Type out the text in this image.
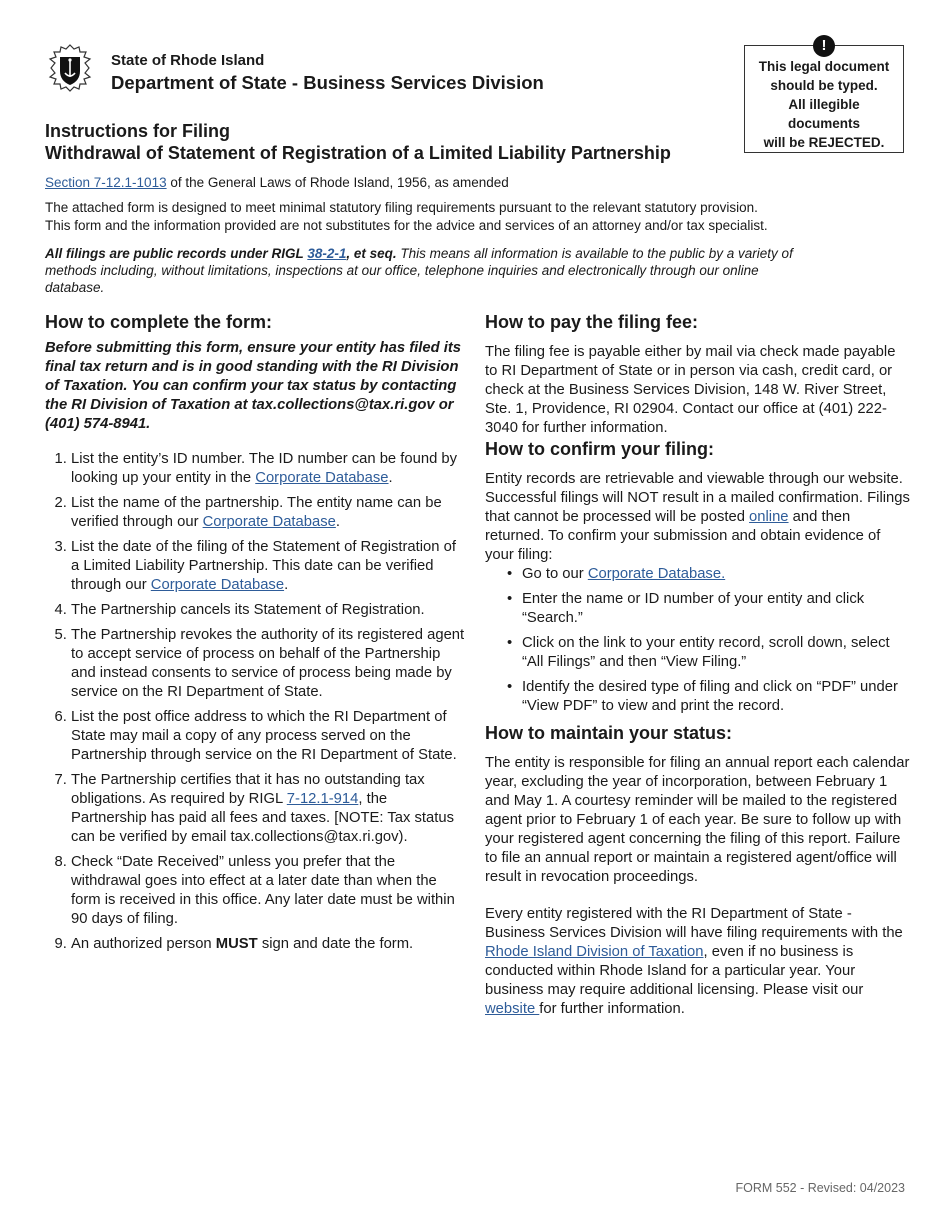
State of Rhode Island
Department of State - Business Services Division
!
This legal document
should be typed.
All illegible
documents
will be REJECTED.
Instructions for Filing
Withdrawal of Statement of Registration of a Limited Liability Partnership
Section 7-12.1-1013 of the General Laws of Rhode Island, 1956, as amended
The attached form is designed to meet minimal statutory filing requirements pursuant to the relevant statutory provision.
This form and the information provided are not substitutes for the advice and services of an attorney and/or tax specialist.
All filings are public records under RIGL 38-2-1, et seq. This means all information is available to the public by a variety of methods including, without limitations, inspections at our office, telephone inquiries and electronically through our online database.
How to complete the form:
Before submitting this form, ensure your entity has filed its final tax return and is in good standing with the RI Division of Taxation. You can confirm your tax status by contacting the RI Division of Taxation at tax.collections@tax.ri.gov or (401) 574-8941.
1. List the entity’s ID number. The ID number can be found by looking up your entity in the Corporate Database.
2. List the name of the partnership. The entity name can be verified through our Corporate Database.
3. List the date of the filing of the Statement of Registration of a Limited Liability Partnership. This date can be verified through our Corporate Database.
4. The Partnership cancels its Statement of Registration.
5. The Partnership revokes the authority of its registered agent to accept service of process on behalf of the Partnership and instead consents to service of process being made by service on the RI Department of State.
6. List the post office address to which the RI Department of State may mail a copy of any process served on the Partnership through service on the RI Department of State.
7. The Partnership certifies that it has no outstanding tax obligations. As required by RIGL 7-12.1-914, the Partnership has paid all fees and taxes. [NOTE: Tax status can be verified by email tax.collections@tax.ri.gov).
8. Check “Date Received” unless you prefer that the withdrawal goes into effect at a later date than when the form is received in this office. Any later date must be within 90 days of filing.
9. An authorized person MUST sign and date the form.
How to pay the filing fee:

The filing fee is payable either by mail via check made payable to RI Department of State or in person via cash, credit card, or check at the Business Services Division, 148 W. River Street, Ste. 1, Providence, RI 02904. Contact our office at (401) 222-3040 for further information.

How to confirm your filing:

Entity records are retrievable and viewable through our website. Successful filings will NOT result in a mailed confirmation. Filings that cannot be processed will be posted online and then returned. To confirm your submission and obtain evidence of your filing:

• Go to our Corporate Database.
• Enter the name or ID number of your entity and click “Search.”
• Click on the link to your entity record, scroll down, select “All Filings” and then “View Filing.”
• Identify the desired type of filing and click on “PDF” under “View PDF” to view and print the record.
How to maintain your status:

The entity is responsible for filing an annual report each calendar year, excluding the year of incorporation, between February 1 and May 1. A courtesy reminder will be mailed to the registered agent prior to February 1 of each year. Be sure to follow up with your registered agent concerning the filing of this report. Failure to file an annual report or maintain a registered agent/office will result in revocation proceedings.

Every entity registered with the RI Department of State - Business Services Division will have filing requirements with the Rhode Island Division of Taxation, even if no business is conducted within Rhode Island for a particular year. Your business may require additional licensing. Please visit our website for further information.

FORM 552 - Revised: 04/2023
